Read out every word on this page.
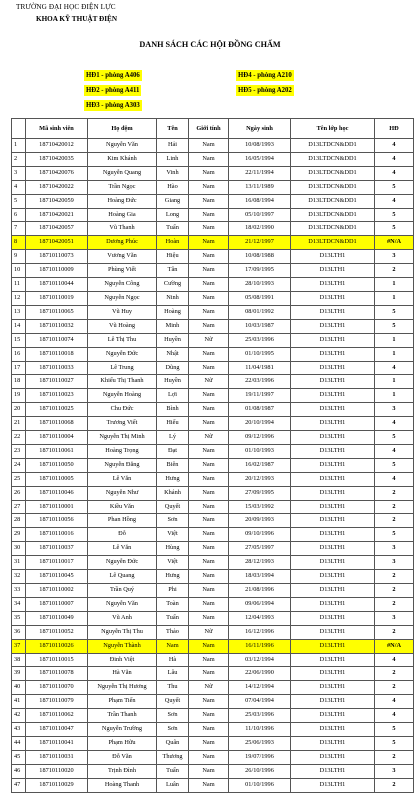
TRƯỜNG ĐẠI HỌC ĐIỆN LỰC
KHOA KỸ THUẬT ĐIỆN
DANH SÁCH CÁC HỘI ĐỒNG CHẤM
HĐ1 - phòng A406
HĐ2 - phòng A411
HĐ3 - phòng A303
HĐ4 - phòng A210
HĐ5 - phòng A202
	Mã sinh viên	Họ đệm	Tên	Giới tính	Ngày sinh	Tên lớp học	HĐ
1	18710420012	Nguyễn Văn	Hải	Nam	10/08/1993	D13LTDCN&DD1	4
2	18710420035	Kim Khánh	Linh	Nam	16/05/1994	D13LTDCN&DD1	4
3	18710420076	Nguyễn Quang	Vinh	Nam	22/11/1994	D13LTDCN&DD1	4
4	18710420022	Trần Ngọc	Hào	Nam	13/11/1989	D13LTDCN&DD1	5
5	18710420059	Hoàng Đức	Giang	Nam	16/08/1994	D13LTDCN&DD1	4
6	18710420021	Hoàng Gia	Long	Nam	05/10/1997	D13LTDCN&DD1	5
7	18710420057	Vũ Thanh	Tuấn	Nam	18/02/1990	D13LTDCN&DD1	5
8	18710420051	Dương Phúc	Hoàn	Nam	21/12/1997	D13LTDCN&DD1	#N/A
9	18710110073	Vương Văn	Hiệu	Nam	10/08/1988	D13LTH1	3
10	18710110009	Phùng Viết	Tân	Nam	17/09/1995	D13LTH1	2
11	18710110044	Nguyễn Công	Cường	Nam	28/10/1993	D13LTH1	1
12	18710110019	Nguyễn Ngọc	Ninh	Nam	05/08/1991	D13LTH1	1
13	18710110065	Vũ Huy	Hoàng	Nam	08/01/1992	D13LTH1	5
14	18710110032	Vũ Hoàng	Minh	Nam	10/03/1987	D13LTH1	5
15	18710110074	Lê Thị Thu	Huyền	Nữ	25/03/1996	D13LTH1	1
16	18710110018	Nguyễn Đức	Nhật	Nam	01/10/1995	D13LTH1	1
17	18710110033	Lê Trung	Dũng	Nam	11/04/1981	D13LTH1	4
18	18710110027	Khiếu Thị Thanh	Huyền	Nữ	22/03/1996	D13LTH1	1
19	18710110023	Nguyễn Hoàng	Lợi	Nam	19/11/1997	D13LTH1	1
20	18710110025	Chu Đức	Bình	Nam	01/08/1987	D13LTH1	3
21	18710110068	Trương Viết	Hiếu	Nam	20/10/1994	D13LTH1	4
22	18710110004	Nguyễn Thị Minh	Lý	Nữ	09/12/1996	D13LTH1	5
23	18710110061	Hoàng Trọng	Đạt	Nam	01/10/1993	D13LTH1	4
24	18710110050	Nguyễn Đăng	Biên	Nam	16/02/1987	D13LTH1	5
25	18710110005	Lê Văn	Hưng	Nam	20/12/1993	D13LTH1	4
26	18710110046	Nguyễn Như	Khánh	Nam	27/09/1995	D13LTH1	2
27	18710110001	Kiều Văn	Quyết	Nam	15/03/1992	D13LTH1	2
28	18710110056	Phan Hồng	Sơn	Nam	20/09/1993	D13LTH1	2
29	18710110016	Đỗ	Việt	Nam	09/10/1996	D13LTH1	5
30	18710110037	Lê Văn	Hùng	Nam	27/05/1997	D13LTH1	3
31	18710110017	Nguyễn Đức	Việt	Nam	28/12/1993	D13LTH1	3
32	18710110045	Lê Quang	Hưng	Nam	18/03/1994	D13LTH1	2
33	18710110002	Trần Quý	Phi	Nam	21/08/1996	D13LTH1	2
34	18710110007	Nguyễn Văn	Toàn	Nam	09/06/1994	D13LTH1	2
35	18710110049	Vũ Anh	Tuấn	Nam	12/04/1993	D13LTH1	3
36	18710110052	Nguyễn Thị Thu	Thảo	Nữ	16/12/1996	D13LTH1	2
37	18710110026	Nguyễn Thành	Nam	Nam	16/11/1996	D13LTH1	#N/A
38	18710110015	Đinh Việt	Hà	Nam	03/12/1994	D13LTH1	4
39	18710110078	Hà Văn	Lâu	Nam	22/06/1990	D13LTH1	2
40	18710110070	Nguyễn Thị Hương	Thu	Nữ	14/12/1994	D13LTH1	2
41	18710110079	Phạm Tiến	Quyết	Nam	07/04/1994	D13LTH1	4
42	18710110062	Trần Thanh	Sơn	Nam	25/03/1996	D13LTH1	4
43	18710110047	Nguyễn Trường	Sơn	Nam	11/10/1996	D13LTH1	5
44	18710110041	Phạm Hữu	Quân	Nam	25/06/1993	D13LTH1	5
45	18710110031	Đỗ Văn	Thương	Nam	19/07/1996	D13LTH1	2
46	18710110020	Trịnh Đình	Tuấn	Nam	26/10/1996	D13LTH1	3
47	18710110029	Hoàng Thanh	Luân	Nam	01/10/1996	D13LTH1	2
